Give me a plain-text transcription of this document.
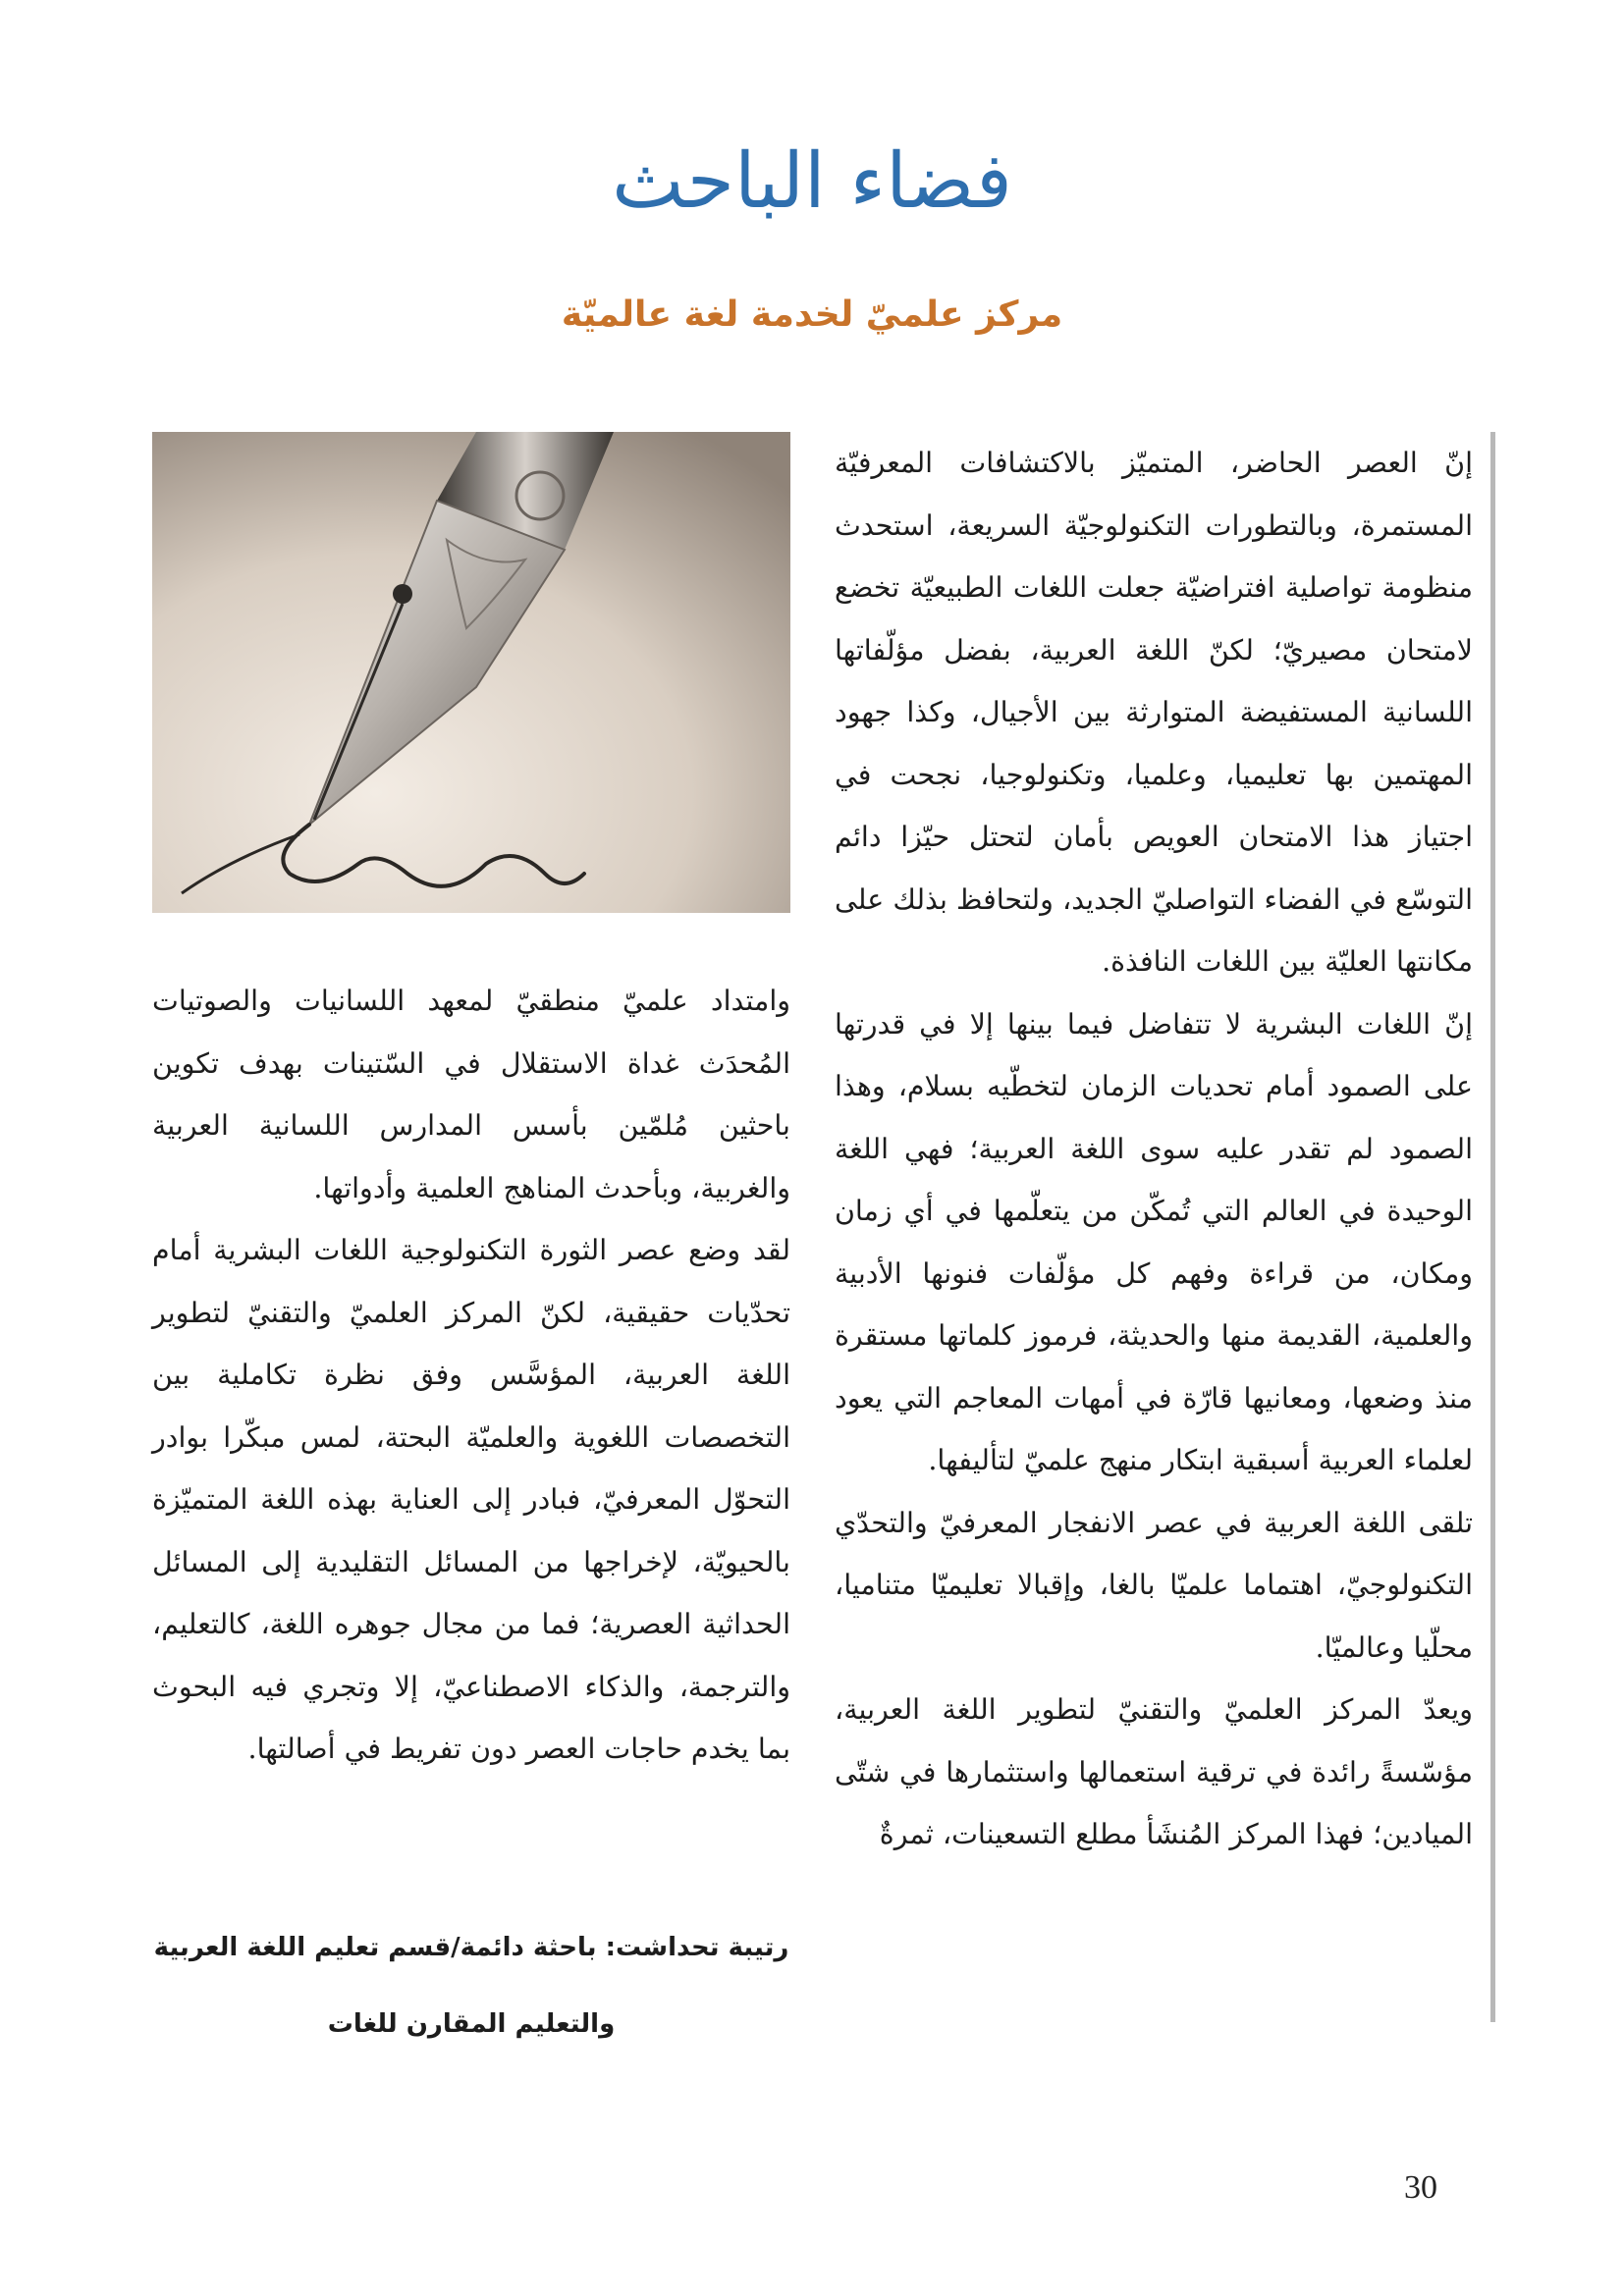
فضاء الباحث
مركز علميّ لخدمة لغة عالميّة

إنّ العصر الحاضر، المتميّز بالاكتشافات المعرفيّة المستمرة، وبالتطورات التكنولوجيّة السريعة، استحدث منظومة تواصلية افتراضيّة جعلت اللغات الطبيعيّة تخضع لامتحان مصيريّ؛ لكنّ اللغة العربية، بفضل مؤلّفاتها اللسانية المستفيضة المتوارثة بين الأجيال، وكذا جهود المهتمين بها تعليميا، وعلميا، وتكنولوجيا، نجحت في اجتياز هذا الامتحان العويص بأمان لتحتل حيّزا دائم التوسّع في الفضاء التواصليّ الجديد، ولتحافظ بذلك على مكانتها العليّة بين اللغات النافذة.

إنّ اللغات البشرية لا تتفاضل فيما بينها إلا في قدرتها على الصمود أمام تحديات الزمان لتخطّيه بسلام، وهذا الصمود لم تقدر عليه سوى اللغة العربية؛ فهي اللغة الوحيدة في العالم التي تُمكّن من يتعلّمها في أي زمان ومكان، من قراءة وفهم كل مؤلّفات فنونها الأدبية والعلمية، القديمة منها والحديثة، فرموز كلماتها مستقرة منذ وضعها، ومعانيها قارّة في أمهات المعاجم التي يعود لعلماء العربية أسبقية ابتكار منهج علميّ لتأليفها.

تلقى اللغة العربية في عصر الانفجار المعرفيّ والتحدّي التكنولوجيّ، اهتماما علميّا بالغا، وإقبالا تعليميّا متناميا، محلّيا وعالميّا.

ويعدّ المركز العلميّ والتقنيّ لتطوير اللغة العربية، مؤسّسةً رائدة في ترقية استعمالها واستثمارها في شتّى الميادين؛ فهذا المركز المُنشَأ مطلع التسعينات، ثمرةٌ

وامتداد علميّ منطقيّ لمعهد اللسانيات والصوتيات المُحدَث غداة الاستقلال في السّتينات بهدف تكوين باحثين مُلمّين بأسس المدارس اللسانية العربية والغربية، وبأحدث المناهج العلمية وأدواتها.

لقد وضع عصر الثورة التكنولوجية اللغات البشرية أمام تحدّيات حقيقية، لكنّ المركز العلميّ والتقنيّ لتطوير اللغة العربية، المؤسَّس وفق نظرة تكاملية بين التخصصات اللغوية والعلميّة البحتة، لمس مبكّرا بوادر التحوّل المعرفيّ، فبادر إلى العناية بهذه اللغة المتميّزة بالحيويّة، لإخراجها من المسائل التقليدية إلى المسائل الحداثية العصرية؛ فما من مجال جوهره اللغة، كالتعليم، والترجمة، والذكاء الاصطناعيّ، إلا وتجري فيه البحوث بما يخدم حاجات العصر دون تفريط في أصالتها.

رتيبة تحداشت: باحثة دائمة/قسم تعليم اللغة العربية
والتعليم المقارن للغات
30
